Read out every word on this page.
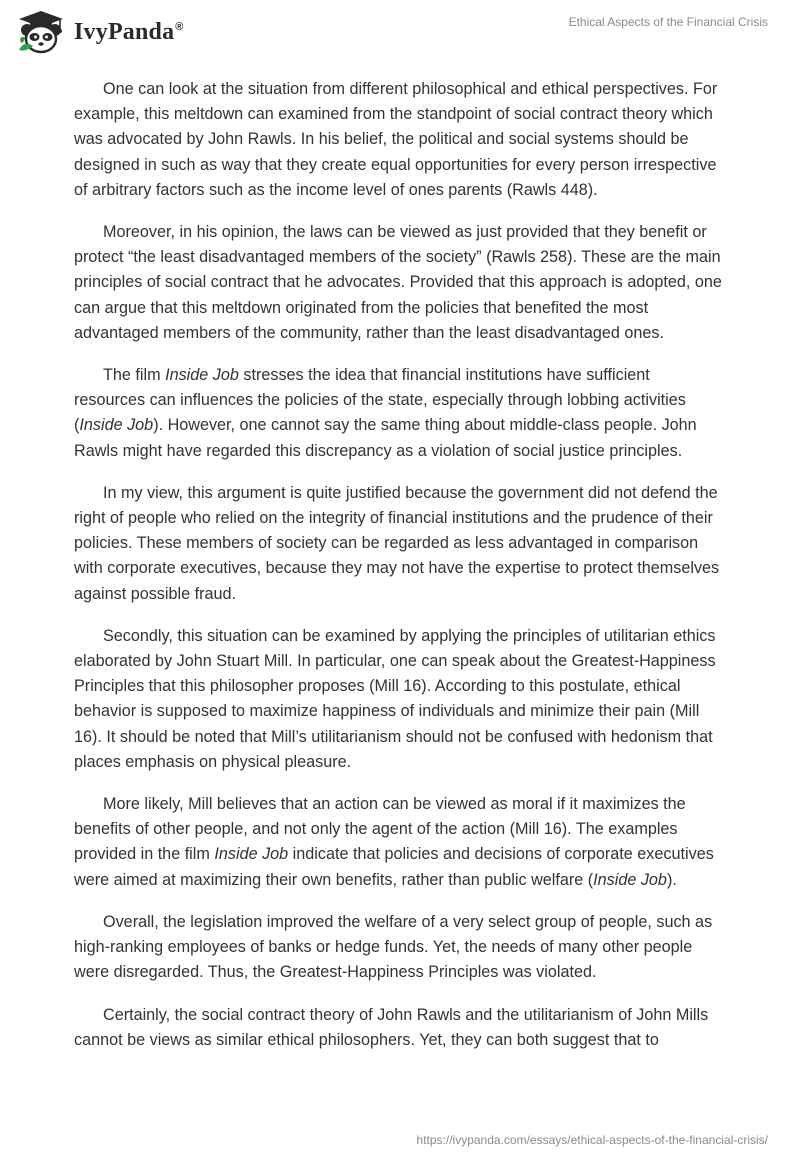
IvyPanda®	Ethical Aspects of the Financial Crisis

One can look at the situation from different philosophical and ethical perspectives. For example, this meltdown can examined from the standpoint of social contract theory which was advocated by John Rawls. In his belief, the political and social systems should be designed in such as way that they create equal opportunities for every person irrespective of arbitrary factors such as the income level of ones parents (Rawls 448).

Moreover, in his opinion, the laws can be viewed as just provided that they benefit or protect “the least disadvantaged members of the society” (Rawls 258). These are the main principles of social contract that he advocates. Provided that this approach is adopted, one can argue that this meltdown originated from the policies that benefited the most advantaged members of the community, rather than the least disadvantaged ones.

The film Inside Job stresses the idea that financial institutions have sufficient resources can influences the policies of the state, especially through lobbing activities (Inside Job). However, one cannot say the same thing about middle-class people. John Rawls might have regarded this discrepancy as a violation of social justice principles.

In my view, this argument is quite justified because the government did not defend the right of people who relied on the integrity of financial institutions and the prudence of their policies. These members of society can be regarded as less advantaged in comparison with corporate executives, because they may not have the expertise to protect themselves against possible fraud.

Secondly, this situation can be examined by applying the principles of utilitarian ethics elaborated by John Stuart Mill. In particular, one can speak about the Greatest-Happiness Principles that this philosopher proposes (Mill 16). According to this postulate, ethical behavior is supposed to maximize happiness of individuals and minimize their pain (Mill 16). It should be noted that Mill’s utilitarianism should not be confused with hedonism that places emphasis on physical pleasure.

More likely, Mill believes that an action can be viewed as moral if it maximizes the benefits of other people, and not only the agent of the action (Mill 16). The examples provided in the film Inside Job indicate that policies and decisions of corporate executives were aimed at maximizing their own benefits, rather than public welfare (Inside Job).

Overall, the legislation improved the welfare of a very select group of people, such as high-ranking employees of banks or hedge funds. Yet, the needs of many other people were disregarded. Thus, the Greatest-Happiness Principles was violated.

Certainly, the social contract theory of John Rawls and the utilitarianism of John Mills cannot be views as similar ethical philosophers. Yet, they can both suggest that to

https://ivypanda.com/essays/ethical-aspects-of-the-financial-crisis/
